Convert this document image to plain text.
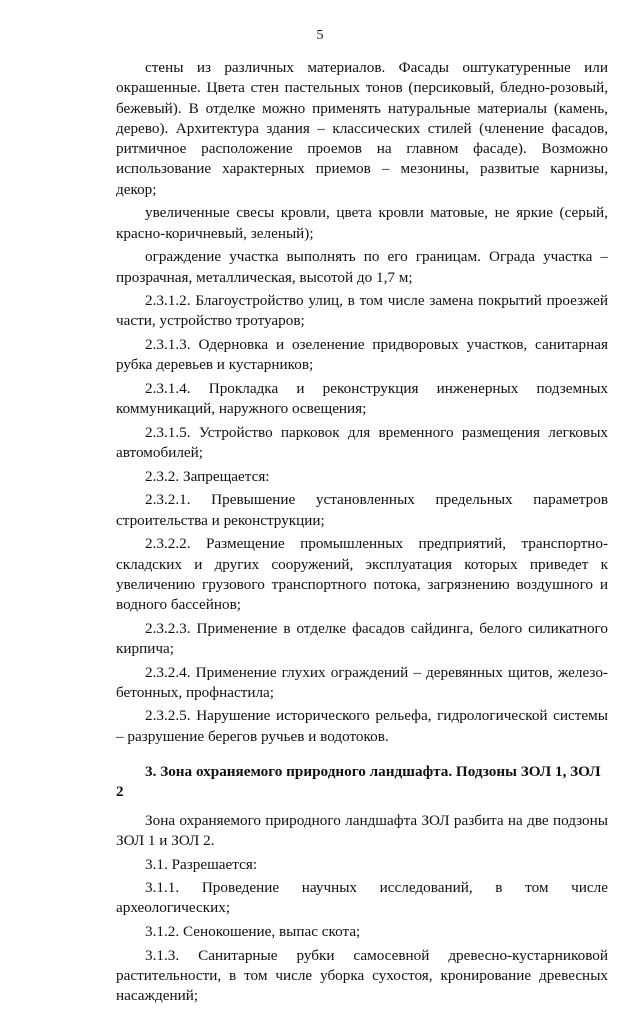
5

стены из различных материалов. Фасады оштукатуренные или окрашенные. Цвета стен пастельных тонов (персиковый, бледно-розовый, бежевый). В отделке можно применять натуральные материалы (камень, дерево). Архитектура здания – классических стилей (членение фасадов, ритмичное расположение проемов на главном фасаде). Возможно использование характерных приемов – мезонины, развитые карнизы, декор;

увеличенные свесы кровли, цвета кровли матовые, не яркие (серый, красно-коричневый, зеленый);

ограждение участка выполнять по его границам. Ограда участка – прозрачная, металлическая, высотой до 1,7 м;

2.3.1.2. Благоустройство улиц, в том числе замена покрытий проезжей части, устройство тротуаров;

2.3.1.3. Одерновка и озеленение придворовых участков, санитарная рубка деревьев и кустарников;

2.3.1.4. Прокладка и реконструкция инженерных подземных коммуникаций, наружного освещения;

2.3.1.5. Устройство парковок для временного размещения легковых автомобилей;

2.3.2. Запрещается:

2.3.2.1. Превышение установленных предельных параметров строительства и реконструкции;

2.3.2.2. Размещение промышленных предприятий, транспортно-складских и других сооружений, эксплуатация которых приведет к увеличению грузового транспортного потока, загрязнению воздушного и водного бассейнов;

2.3.2.3. Применение в отделке фасадов сайдинга, белого силикатного кирпича;

2.3.2.4. Применение глухих ограждений – деревянных щитов, железо-бетонных, профнастила;

2.3.2.5. Нарушение исторического рельефа, гидрологической системы – разрушение берегов ручьев и водотоков.

3. Зона охраняемого природного ландшафта. Подзоны ЗОЛ 1, ЗОЛ 2

Зона охраняемого природного ландшафта ЗОЛ разбита на две подзоны ЗОЛ 1 и ЗОЛ 2.

3.1. Разрешается:

3.1.1. Проведение научных исследований, в том числе археологических;

3.1.2. Сенокошение, выпас скота;

3.1.3. Санитарные рубки самосевной древесно-кустарниковой растительности, в том числе уборка сухостоя, кронирование древесных насаждений;
